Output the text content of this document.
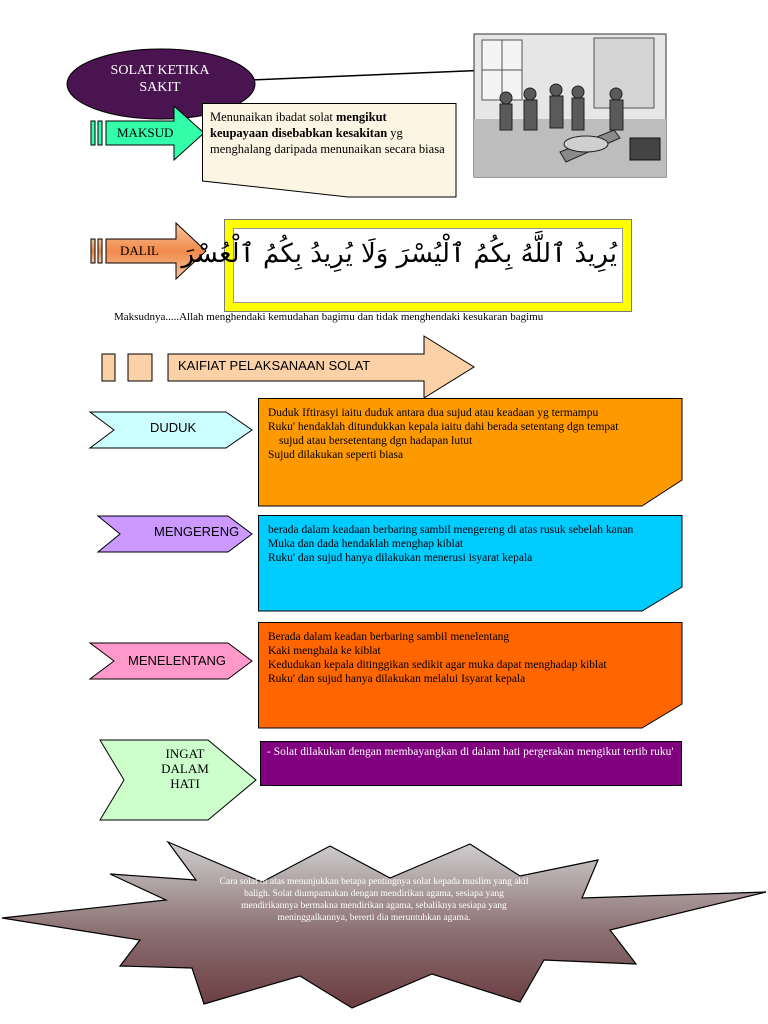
SOLAT KETIKA
SAKIT
MAKSUD
Menunaikan ibadat solat mengikut keupayaan disebabkan kesakitan yg menghalang daripada menunaikan secara biasa
DALIL يُرِيدُ ٱللَّهُ بِكُمُ ٱلْيُسْرَ وَلَا يُرِيدُ بِكُمُ ٱلْعُسْرَ
Maksudnya.....Allah menghendaki kemudahan bagimu dan tidak menghendaki kesukaran bagimu
KAIFIAT PELAKSANAAN SOLAT
DUDUK

Duduk Iftirasyi iaitu duduk antara dua sujud atau keadaan yg termampu

Ruku' hendaklah ditundukkan kepala iaitu dahi berada setentang dgn tempat

sujud atau bersetentang dgn hadapan lutut

Sujud dilakukan seperti biasa

MENGERENG	berada dalam keadaan berbaring sambil mengereng di atas rusuk sebelah kanan

Muka dan dada hendaklah menghap kiblat

Ruku' dan sujud hanya dilakukan menerusi isyarat kepala

MENELENTANG

Berada dalam keadan berbaring sambil menelentang

Kaki menghala ke kiblat

Kedudukan kepala ditinggikan sedikit agar muka dapat menghadap kiblat

Ruku' dan sujud hanya dilakukan melalui Isyarat kepala

INGAT
DALAM
HATI

- Solat dilakukan dengan membayangkan di dalam hati pergerakan mengikut tertib ruku'

Cara solat di atas menunjukkan betapa pentingnya solat kepada muslim yang akil baligh. Solat diumpamakan dengan mendirikan agama, sesiapa yang mendirikannya bermakna mendirikan agama, sebaliknya sesiapa yang meninggalkannya, bererti dia meruntuhkan agama.
